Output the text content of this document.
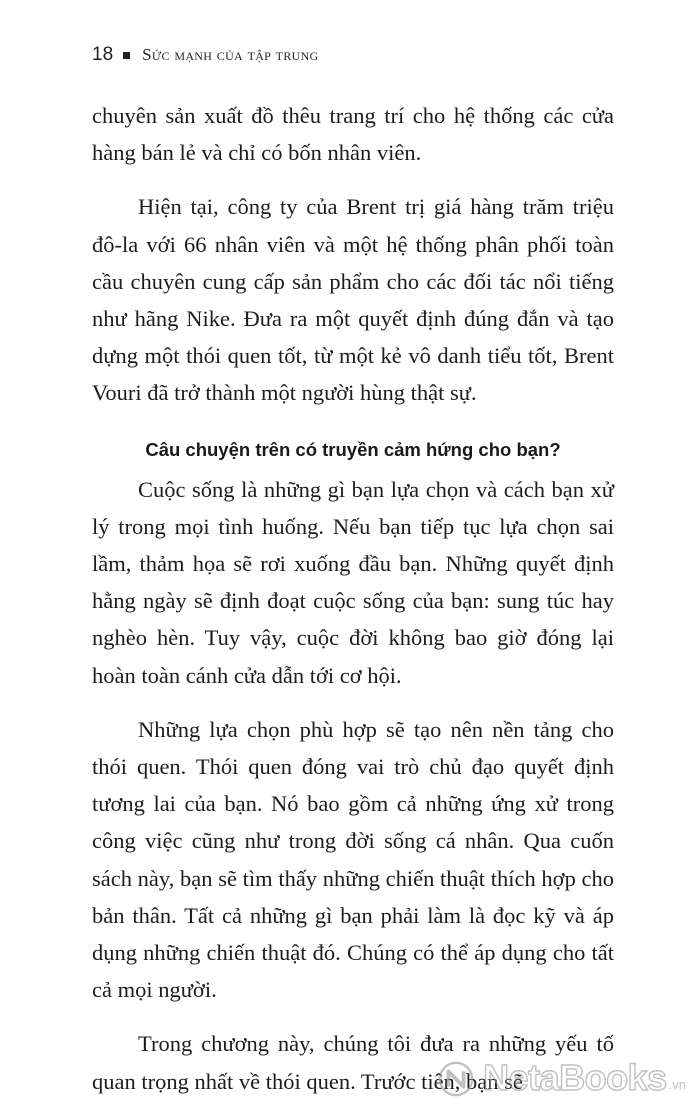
18 Sức mạnh của tập trung

chuyên sản xuất đồ thêu trang trí cho hệ thống các cửa hàng bán lẻ và chỉ có bốn nhân viên.

Hiện tại, công ty của Brent trị giá hàng trăm triệu đô-la với 66 nhân viên và một hệ thống phân phối toàn cầu chuyên cung cấp sản phẩm cho các đối tác nổi tiếng như hãng Nike. Đưa ra một quyết định đúng đắn và tạo dựng một thói quen tốt, từ một kẻ vô danh tiểu tốt, Brent Vouri đã trở thành một người hùng thật sự.

Câu chuyện trên có truyền cảm hứng cho bạn?

Cuộc sống là những gì bạn lựa chọn và cách bạn xử lý trong mọi tình huống. Nếu bạn tiếp tục lựa chọn sai lầm, thảm họa sẽ rơi xuống đầu bạn. Những quyết định hằng ngày sẽ định đoạt cuộc sống của bạn: sung túc hay nghèo hèn. Tuy vậy, cuộc đời không bao giờ đóng lại hoàn toàn cánh cửa dẫn tới cơ hội.

Những lựa chọn phù hợp sẽ tạo nên nền tảng cho thói quen. Thói quen đóng vai trò chủ đạo quyết định tương lai của bạn. Nó bao gồm cả những ứng xử trong công việc cũng như trong đời sống cá nhân. Qua cuốn sách này, bạn sẽ tìm thấy những chiến thuật thích hợp cho bản thân. Tất cả những gì bạn phải làm là đọc kỹ và áp dụng những chiến thuật đó. Chúng có thể áp dụng cho tất cả mọi người.

Trong chương này, chúng tôi đưa ra những yếu tố quan trọng nhất về thói quen. Trước tiên, bạn sẽ

NetaBooks .vn
